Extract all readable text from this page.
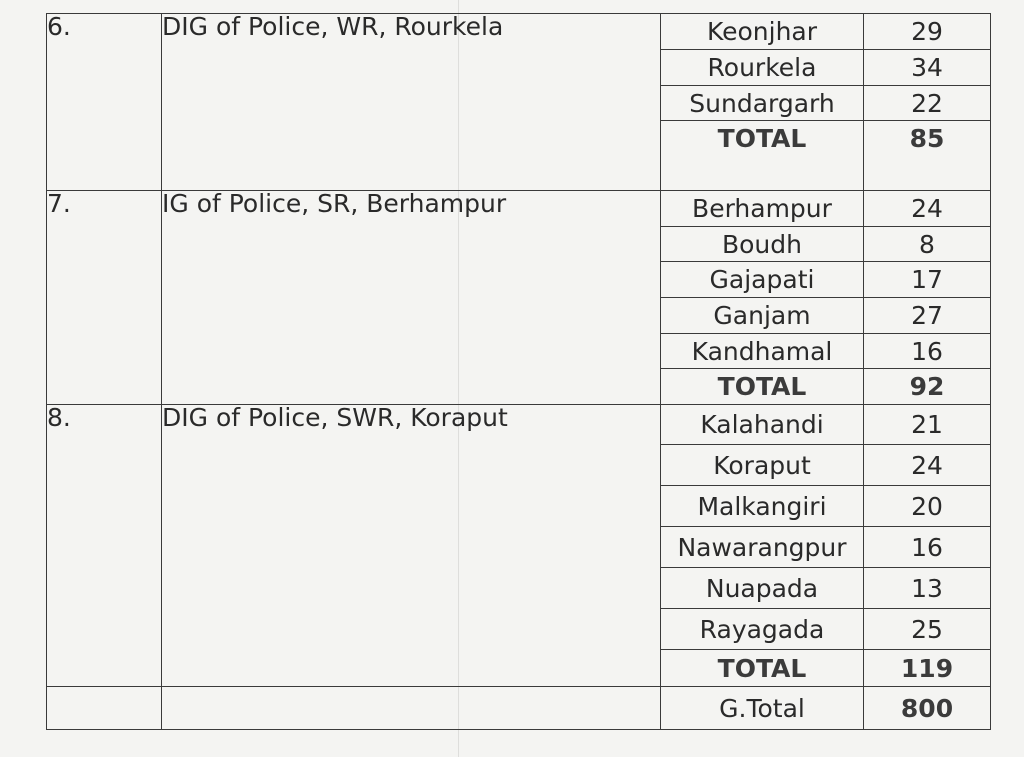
6.	DIG of Police, WR, Rourkela	Keonjhar	29
		Rourkela	34
		Sundargarh	22
		TOTAL	85

7.	IG of Police, SR, Berhampur	Berhampur	24
		Boudh	8
		Gajapati	17
		Ganjam	27
		Kandhamal	16
		TOTAL	92
8.	DIG of Police, SWR, Koraput	Kalahandi	21
		Koraput	24
		Malkangiri	20
		Nawarangpur	16
		Nuapada	13
		Rayagada	25
		TOTAL	119
		G.Total	800
